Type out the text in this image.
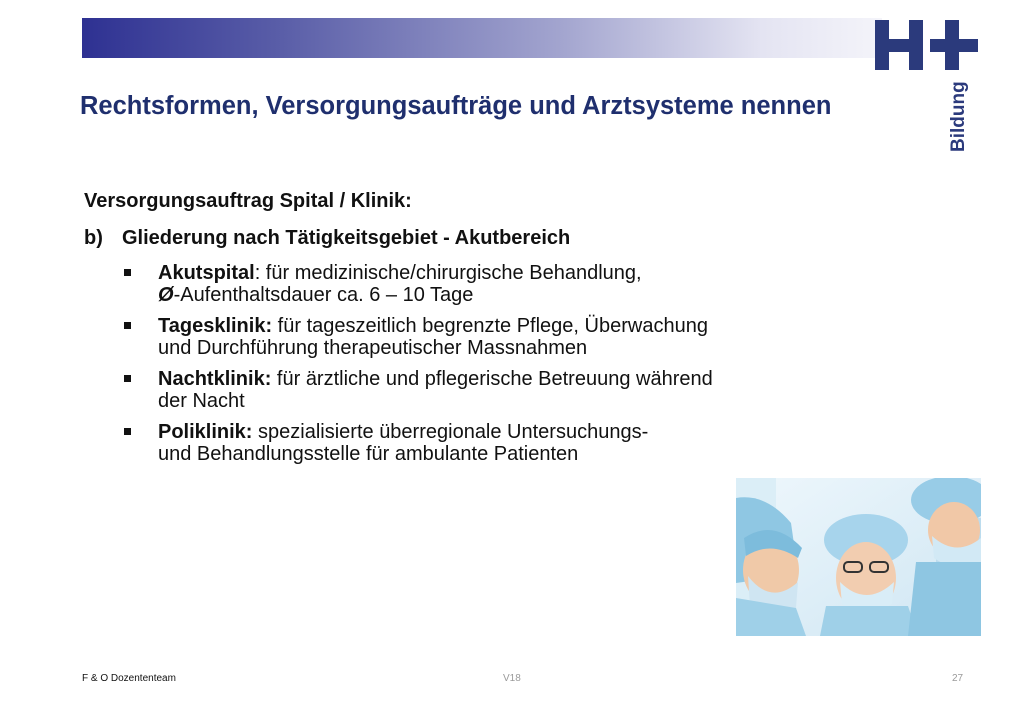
Bildung
Rechtsformen, Versorgungsaufträge und Arztsysteme nennen
Versorgungsauftrag Spital / Klinik:
b) Gliederung nach Tätigkeitsgebiet - Akutbereich
Akutspital: für medizinische/chirurgische Behandlung,
Ø-Aufenthaltsdauer ca. 6 – 10 Tage
Tagesklinik: für tageszeitlich begrenzte Pflege, Überwachung
und Durchführung therapeutischer Massnahmen
Nachtklinik: für ärztliche und pflegerische Betreuung während
der Nacht
Poliklinik: spezialisierte überregionale Untersuchungs-
und Behandlungsstelle für ambulante Patienten
F & O Dozententeam	V18	27
